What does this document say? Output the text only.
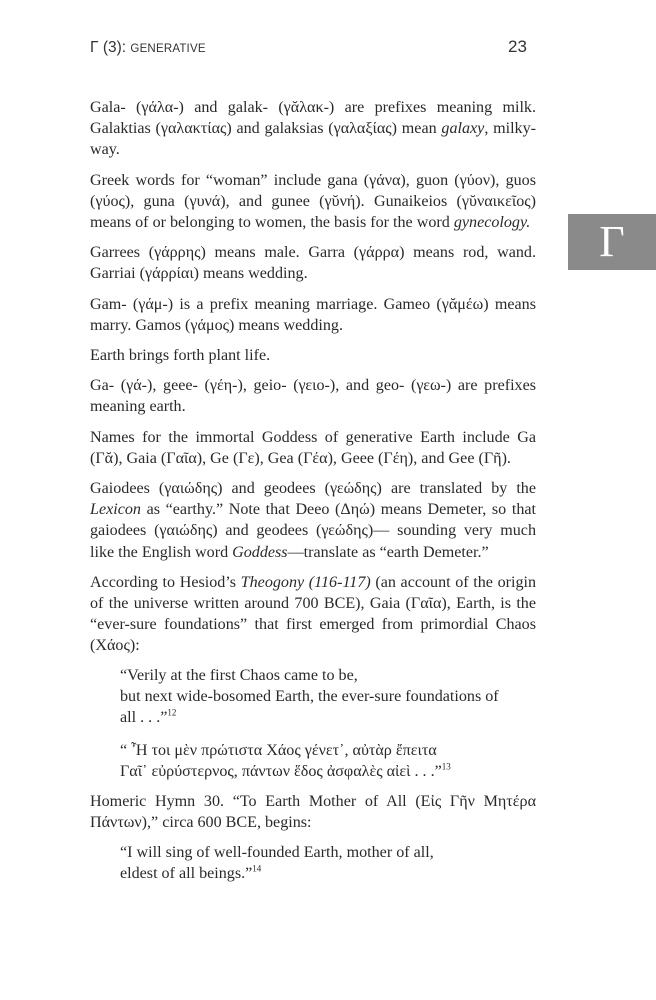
Γ (3): GENERATIVE	23
Γ

Gala- (γάλα-) and galak- (γᾰλακ-) are prefixes meaning milk. Galaktias (γαλακτίας) and galaksias (γαλαξίας) mean galaxy, milky-way.

Greek words for “woman” include gana (γάνα), guon (γύον), guos (γύος), guna (γυνά), and gunee (γῠνή). Gunaikeios (γῠναικεῖος) means of or belonging to women, the basis for the word gynecology.

Garrees (γάρρης) means male. Garra (γάρρα) means rod, wand. Garriai (γάρρίαι) means wedding.

Gam- (γάμ-) is a prefix meaning marriage. Gameo (γᾰμέω) means marry. Gamos (γάμος) means wedding.

Earth brings forth plant life.

Ga- (γά-), geee- (γέη-), geio- (γειο-), and geo- (γεω-) are prefixes meaning earth.

Names for the immortal Goddess of generative Earth include Ga (Γᾰ), Gaia (Γαῖα), Ge (Γε), Gea (Γέα), Geee (Γέη), and Gee (Γῆ).

Gaiodees (γαιώδης) and geodees (γεώδης) are translated by the Lexicon as “earthy.” Note that Deeo (Δηώ) means Demeter, so that gaiodees (γαιώδης) and geodees (γεώδης)— sounding very much like the English word Goddess—translate as “earth Demeter.”

According to Hesiod’s Theogony (116-117) (an account of the origin of the universe written around 700 BCE), Gaia (Γαῖα), Earth, is the “ever-sure foundations” that first emerged from primordial Chaos (Χάος):

“Verily at the first Chaos came to be,
but next wide-bosomed Earth, the ever-sure foundations of
all . . .”$^{12}$
“ Ἦ τοι μὲν πρώτιστα Χάος γένετ᾽, αὐτὰρ ἔπειτα
Γαῖ᾽ εὐρύστερνος, πάντων ἕδος ἀσφαλὲς αἰεὶ . . .”$^{13}$

Homeric Hymn 30. “To Earth Mother of All (Εἰς Γῆν Μητέρα Πάντων),” circa 600 BCE, begins:

“I will sing of well-founded Earth, mother of all,
eldest of all beings.”$^{14}$
